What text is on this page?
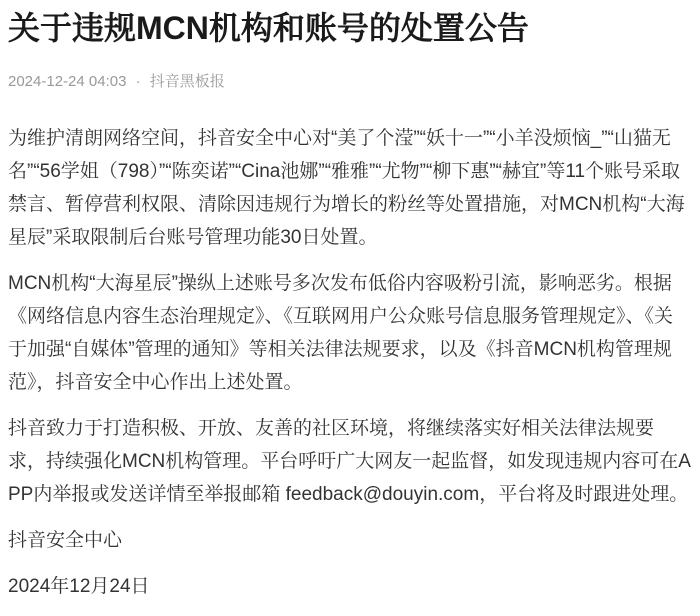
关于违规MCN机构和账号的处置公告
2024-12-24 04:03 · 抖音黑板报

为维护清朗网络空间，抖音安全中心对“美了个滢”“妖十一”“小羊没烦恼_”“山猫无名”“56学姐（798）”“陈奕诺”“Cina池娜”“雅雅”“尤物”“柳下惠”“赫宜”等11个账号采取禁言、暂停营利权限、清除因违规行为增长的粉丝等处置措施，对MCN机构“大海星辰”采取限制后台账号管理功能30日处置。

MCN机构“大海星辰”操纵上述账号多次发布低俗内容吸粉引流，影响恶劣。根据《网络信息内容生态治理规定》、《互联网用户公众账号信息服务管理规定》、《关于加强“自媒体”管理的通知》等相关法律法规要求，以及《抖音MCN机构管理规范》，抖音安全中心作出上述处置。

抖音致力于打造积极、开放、友善的社区环境，将继续落实好相关法律法规要求，持续强化MCN机构管理。平台呼吁广大网友一起监督，如发现违规内容可在APP内举报或发送详情至举报邮箱 feedback@douyin.com，平台将及时跟进处理。

抖音安全中心

2024年12月24日
